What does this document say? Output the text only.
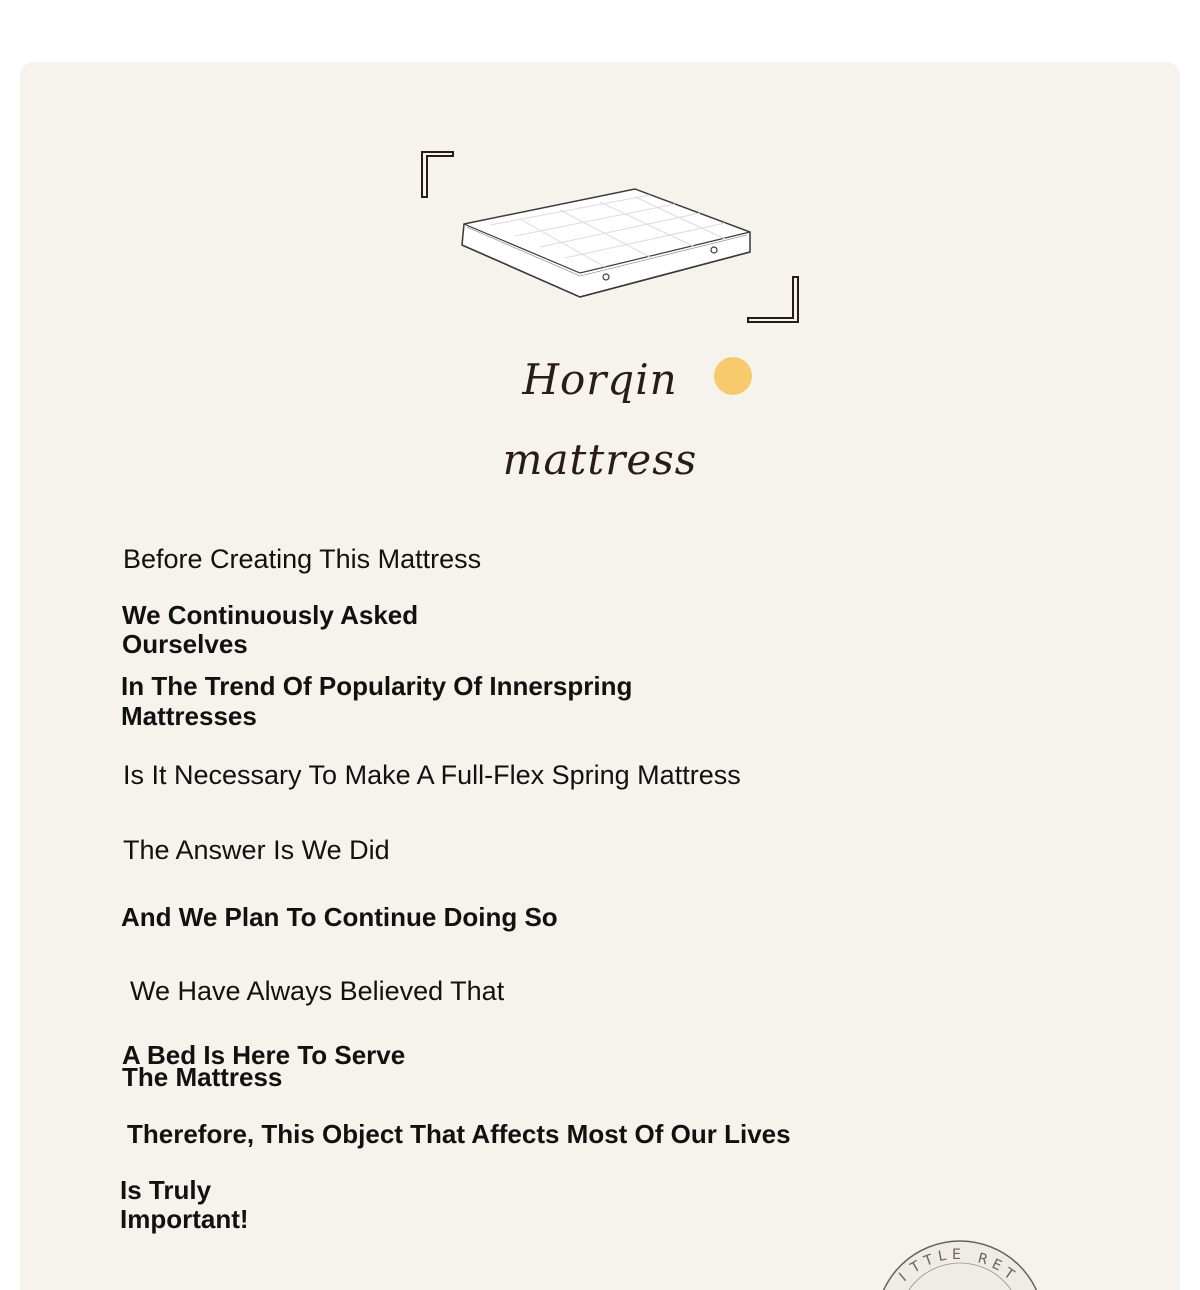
Horqin mattress

Before Creating This Mattress

We Continuously Asked

Ourselves

In The Trend Of Popularity Of Innerspring

Mattresses

Is It Necessary To Make A Full-Flex Spring Mattress

The Answer Is We Did

And We Plan To Continue Doing So

We Have Always Believed That

A Bed Is Here To Serve

The Mattress

Therefore, This Object That Affects Most Of Our Lives

Is Truly

Important!

I
T
T L E R E
T
